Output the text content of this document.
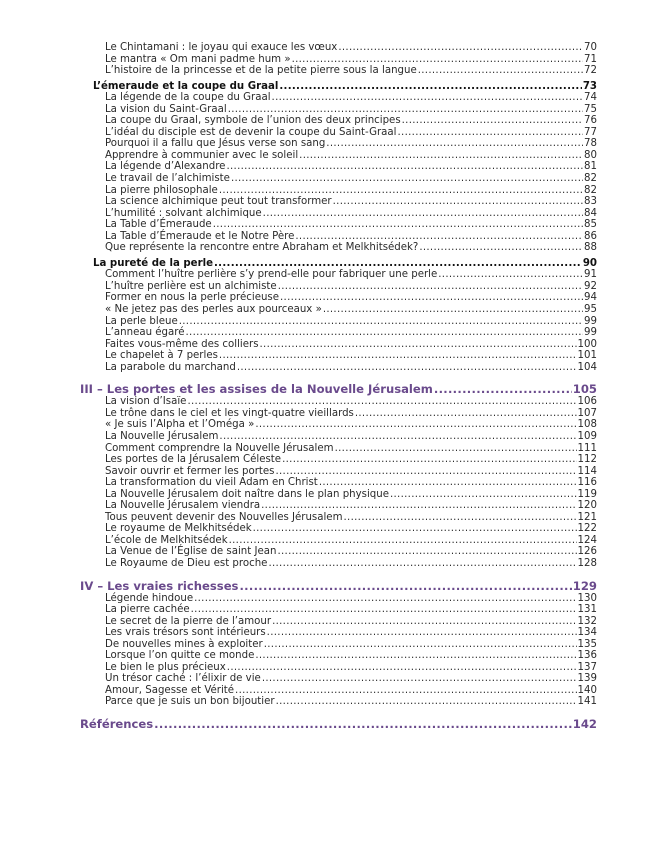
Le Chintamani : le joyau qui exauce les vœux .....	70
Le mantra « Om mani padme hum » .....	71
L’histoire de la princesse et de la petite pierre sous la langue .....	72
L’émeraude et la coupe du Graal .....	73
La légende de la coupe du Graal .....	74
La vision du Saint-Graal .....	75
La coupe du Graal, symbole de l’union des deux principes .....	76
L’idéal du disciple est de devenir la coupe du Saint-Graal .....	77
Pourquoi il a fallu que Jésus verse son sang .....	78
Apprendre à communier avec le soleil .....	80
La légende d’Alexandre .....	81
Le travail de l’alchimiste .....	82
La pierre philosophale .....	82
La science alchimique peut tout transformer .....	83
L’humilité : solvant alchimique .....	84
La Table d’Émeraude .....	85
La Table d’Émeraude et le Notre Père .....	86
Que représente la rencontre entre Abraham et Melkhitsédek? .....	88
La pureté de la perle .....	90
Comment l’huître perlière s’y prend-elle pour fabriquer une perle .....	91
L’huître perlière est un alchimiste .....	92
Former en nous la perle précieuse .....	94
« Ne jetez pas des perles aux pourceaux » .....	95
La perle bleue .....	99
L’anneau égaré .....	99
Faites vous-même des colliers .....	100
Le chapelet à 7 perles .....	101
La parabole du marchand .....	104
III – Les portes et les assises de la Nouvelle Jérusalem .....	105
La vision d’Isaïe .....	106
Le trône dans le ciel et les vingt-quatre vieillards .....	107
« Je suis l’Alpha et l’Oméga » .....	108
La Nouvelle Jérusalem .....	109
Comment comprendre la Nouvelle Jérusalem .....	111
Les portes de la Jérusalem Céleste .....	112
Savoir ouvrir et fermer les portes .....	114
La transformation du vieil Adam en Christ .....	116
La Nouvelle Jérusalem doit naître dans le plan physique .....	119
La Nouvelle Jérusalem viendra .....	120
Tous peuvent devenir des Nouvelles Jérusalem .....	121
Le royaume de Melkhitsédek .....	122
L’école de Melkhitsédek .....	124
La Venue de l’Église de saint Jean .....	126
Le Royaume de Dieu est proche .....	128
IV – Les vraies richesses .....	129
Légende hindoue .....	130
La pierre cachée .....	131
Le secret de la pierre de l’amour .....	132
Les vrais trésors sont intérieurs .....	134
De nouvelles mines à exploiter .....	135
Lorsque l’on quitte ce monde .....	136
Le bien le plus précieux .....	137
Un trésor caché : l’élixir de vie .....	139
Amour, Sagesse et Vérité .....	140
Parce que je suis un bon bijoutier .....	141
Références .....	142
